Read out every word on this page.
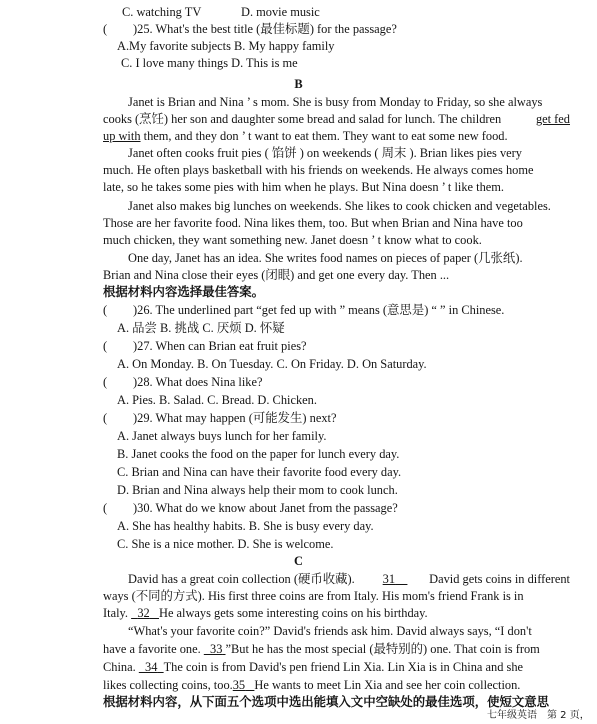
C. watching TV	D. movie music
( )25. What's the best title (最佳标题) for the passage?
A.My favorite subjects B. My happy family
C. I love many things D. This is me
B
Janet is Brian and Nina ’ s mom. She is busy from Monday to Friday, so she always
cooks (烹饪) her son and daughter some bread and salad for lunch. The children	get fed
up with them, and they don ’ t want to eat them. They want to eat some new food.
Janet often cooks fruit pies ( 馅饼 ) on weekends ( 周末 ). Brian likes pies very
much. He often plays basketball with his friends on weekends. He always comes home
late, so he takes some pies with him when he plays. But Nina doesn ’ t like them.
Janet also makes big lunches on weekends. She likes to cook chicken and vegetables.
Those are her favorite food. Nina likes them, too. But when Brian and Nina have too
much chicken, they want something new. Janet doesn ’ t know what to cook.
One day, Janet has an idea. She writes food names on pieces of paper (几张纸).
Brian and Nina close their eyes (闭眼) and get one every day. Then ...
根据材料内容选择最佳答案。
( )26. The underlined part “get fed up with ” means (意思是) “ ” in Chinese.
A. 品尝 B. 挑战 C. 厌烦 D. 怀疑
( )27. When can Brian eat fruit pies?
A. On Monday. B. On Tuesday. C. On Friday. D. On Saturday.
( )28. What does Nina like?
A. Pies. B. Salad. C. Bread. D. Chicken.
( )29. What may happen (可能发生) next?
A. Janet always buys lunch for her family.
B. Janet cooks the food on the paper for lunch every day.
C. Brian and Nina can have their favorite food every day.
D. Brian and Nina always help their mom to cook lunch.
( )30. What do we know about Janet from the passage?
A. She has healthy habits. B. She is busy every day.
C. She is a nice mother. D. She is welcome.
C
David has a great coin collection (硬币收藏).	31	David gets coins in different
ways (不同的方式). His first three coins are from Italy. His mom's friend Frank is in
Italy. 32 He always gets some interesting coins on his birthday.
“What's your favorite coin?” David's friends ask him. David always says, “I don't
have a favorite one. 33 ”But he has the most special (最特别的) one. That coin is from
China. 34 The coin is from David's pen friend Lin Xia. Lin Xia is in China and she
likes collecting coins, too.35 He wants to meet Lin Xia and see her coin collection.
根据材料内容，从下面五个选项中选出能填入文中空缺处的最佳选项，使短文意思
七年级英语 第 2 页，
